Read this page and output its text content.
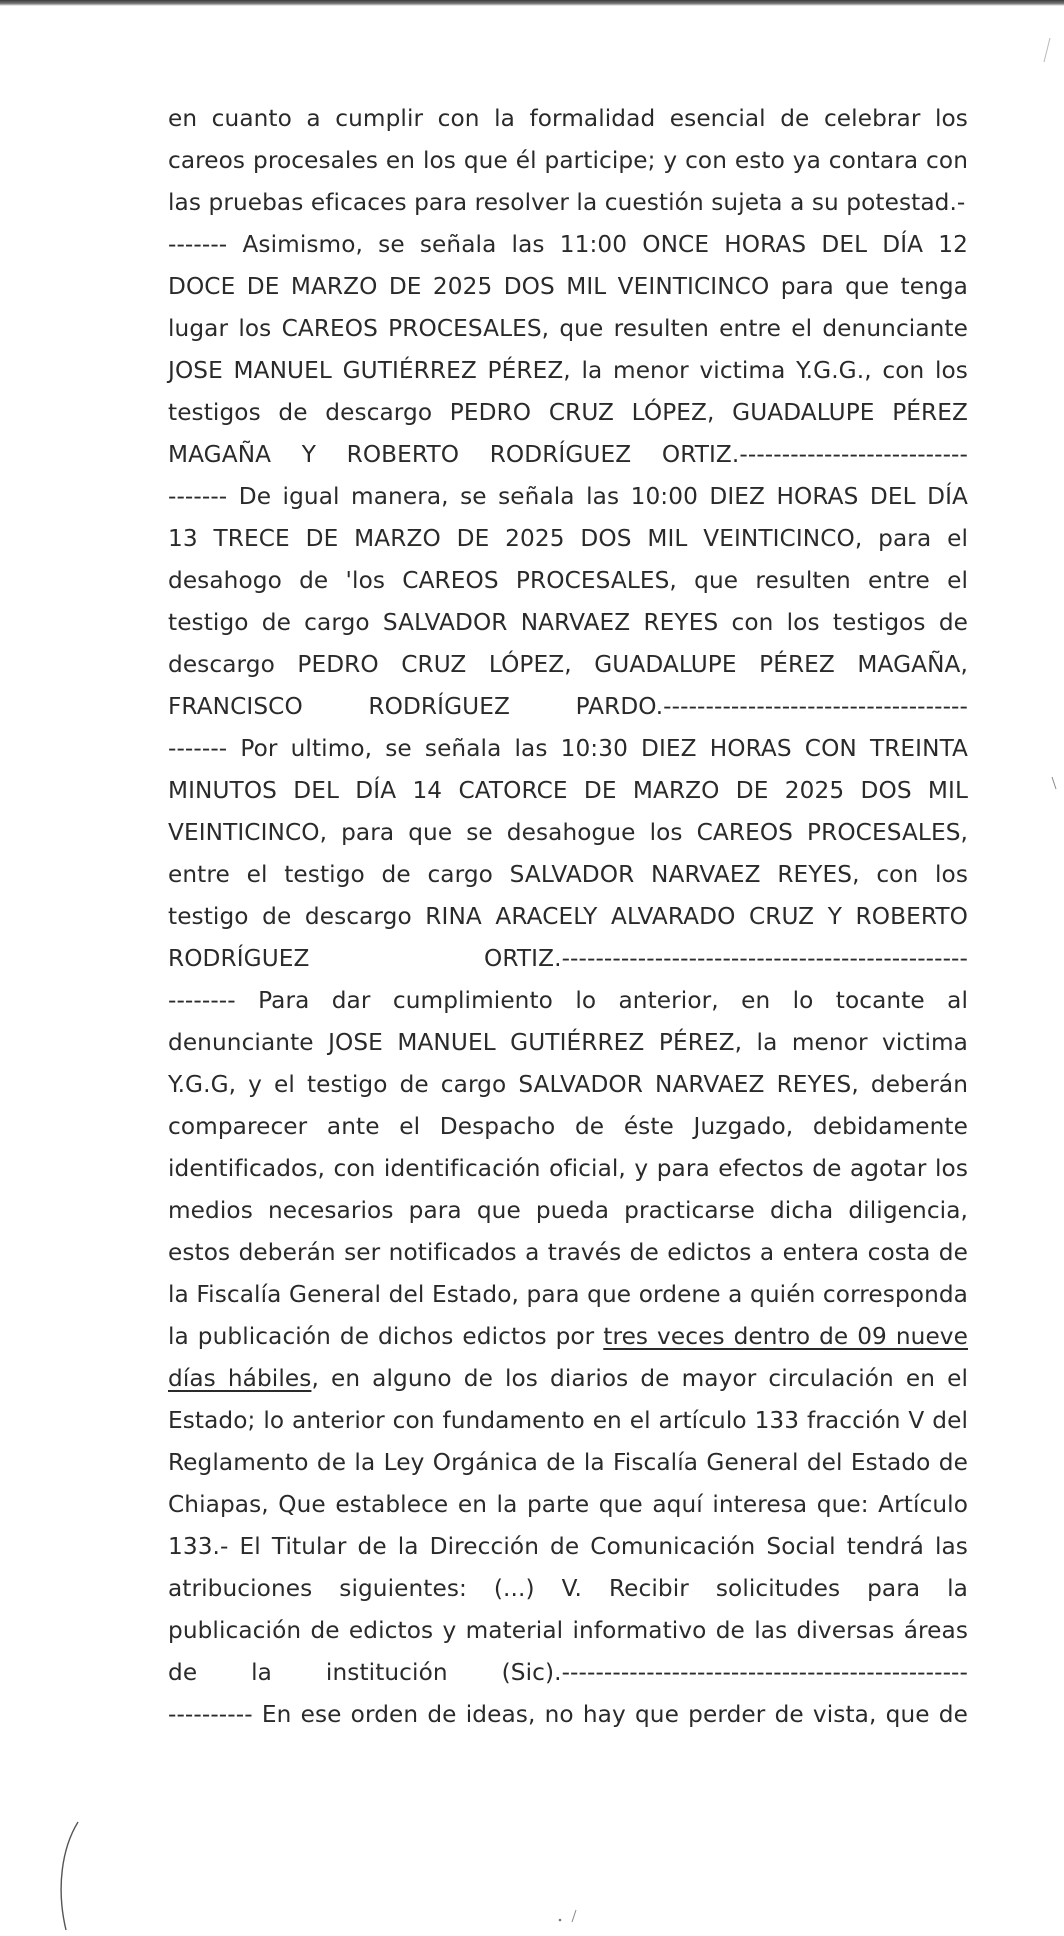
en cuanto a cumplir con la formalidad esencial de celebrar los
careos procesales en los que él participe; y con esto ya contara con
las pruebas eficaces para resolver la cuestión sujeta a su potestad.-
------- Asimismo, se señala las 11:00 ONCE HORAS DEL DÍA 12
DOCE DE MARZO DE 2025 DOS MIL VEINTICINCO para que tenga
lugar los CAREOS PROCESALES, que resulten entre el denunciante
JOSE MANUEL GUTIÉRREZ PÉREZ, la menor victima Y.G.G., con los
testigos de descargo PEDRO CRUZ LÓPEZ, GUADALUPE PÉREZ
MAGAÑA Y ROBERTO RODRÍGUEZ ORTIZ.---------------------------
------- De igual manera, se señala las 10:00 DIEZ HORAS DEL DÍA
13 TRECE DE MARZO DE 2025 DOS MIL VEINTICINCO, para el
desahogo de 'los CAREOS PROCESALES, que resulten entre el
testigo de cargo SALVADOR NARVAEZ REYES con los testigos de
descargo PEDRO CRUZ LÓPEZ, GUADALUPE PÉREZ MAGAÑA,
FRANCISCO RODRÍGUEZ PARDO.------------------------------------
------- Por ultimo, se señala las 10:30 DIEZ HORAS CON TREINTA
MINUTOS DEL DÍA 14 CATORCE DE MARZO DE 2025 DOS MIL
VEINTICINCO, para que se desahogue los CAREOS PROCESALES,
entre el testigo de cargo SALVADOR NARVAEZ REYES, con los
testigo de descargo RINA ARACELY ALVARADO CRUZ Y ROBERTO
RODRÍGUEZ ORTIZ.------------------------------------------------
-------- Para dar cumplimiento lo anterior, en lo tocante al
denunciante JOSE MANUEL GUTIÉRREZ PÉREZ, la menor victima
Y.G.G, y el testigo de cargo SALVADOR NARVAEZ REYES, deberán
comparecer ante el Despacho de éste Juzgado, debidamente
identificados, con identificación oficial, y para efectos de agotar los
medios necesarios para que pueda practicarse dicha diligencia,
estos deberán ser notificados a través de edictos a entera costa de
la Fiscalía General del Estado, para que ordene a quién corresponda
la publicación de dichos edictos por tres veces dentro de 09 nueve
días hábiles, en alguno de los diarios de mayor circulación en el
Estado; lo anterior con fundamento en el artículo 133 fracción V del
Reglamento de la Ley Orgánica de la Fiscalía General del Estado de
Chiapas, Que establece en la parte que aquí interesa que: Artículo
133.- El Titular de la Dirección de Comunicación Social tendrá las
atribuciones siguientes: (...) V. Recibir solicitudes para la
publicación de edictos y material informativo de las diversas áreas
de la institución (Sic).------------------------------------------------
---------- En ese orden de ideas, no hay que perder de vista, que de
